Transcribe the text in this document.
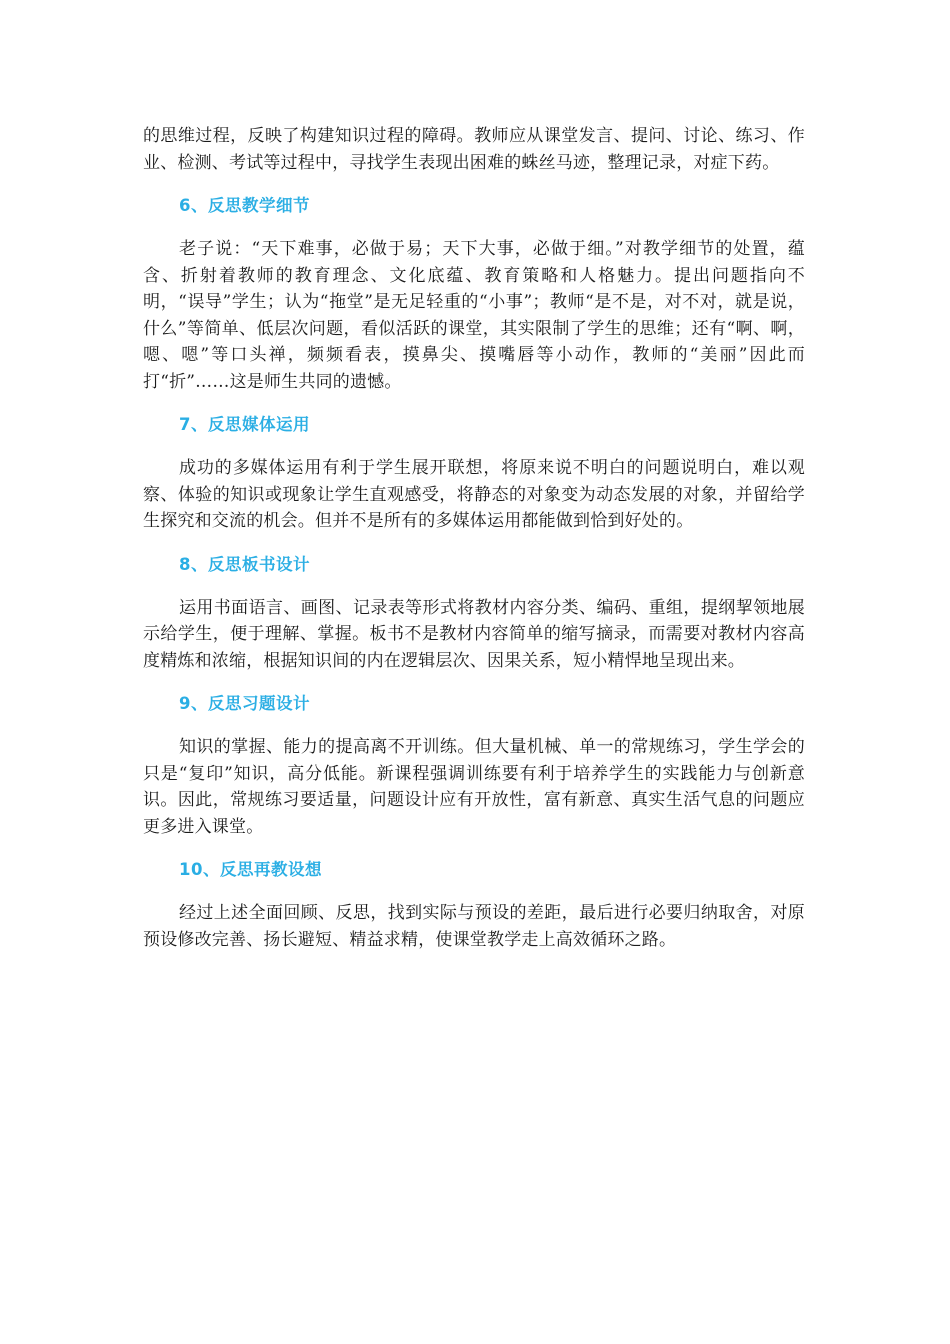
的思维过程，反映了构建知识过程的障碍。教师应从课堂发言、提问、讨论、练习、作业、检测、考试等过程中，寻找学生表现出困难的蛛丝马迹，整理记录，对症下药。

6、反思教学细节

老子说：“天下难事，必做于易；天下大事，必做于细。”对教学细节的处置，蕴含、折射着教师的教育理念、文化底蕴、教育策略和人格魅力。提出问题指向不明，“误导”学生；认为“拖堂”是无足轻重的“小事”；教师“是不是，对不对，就是说，什么”等简单、低层次问题，看似活跃的课堂，其实限制了学生的思维；还有“啊、啊，嗯、嗯”等口头禅，频频看表，摸鼻尖、摸嘴唇等小动作，教师的“美丽”因此而打“折”……这是师生共同的遗憾。

7、反思媒体运用

成功的多媒体运用有利于学生展开联想，将原来说不明白的问题说明白，难以观察、体验的知识或现象让学生直观感受，将静态的对象变为动态发展的对象，并留给学生探究和交流的机会。但并不是所有的多媒体运用都能做到恰到好处的。

8、反思板书设计

运用书面语言、画图、记录表等形式将教材内容分类、编码、重组，提纲挈领地展示给学生，便于理解、掌握。板书不是教材内容简单的缩写摘录，而需要对教材内容高度精炼和浓缩，根据知识间的内在逻辑层次、因果关系，短小精悍地呈现出来。

9、反思习题设计

知识的掌握、能力的提高离不开训练。但大量机械、单一的常规练习，学生学会的只是“复印”知识，高分低能。新课程强调训练要有利于培养学生的实践能力与创新意识。因此，常规练习要适量，问题设计应有开放性，富有新意、真实生活气息的问题应更多进入课堂。

10、反思再教设想

经过上述全面回顾、反思，找到实际与预设的差距，最后进行必要归纳取舍，对原预设修改完善、扬长避短、精益求精，使课堂教学走上高效循环之路。
